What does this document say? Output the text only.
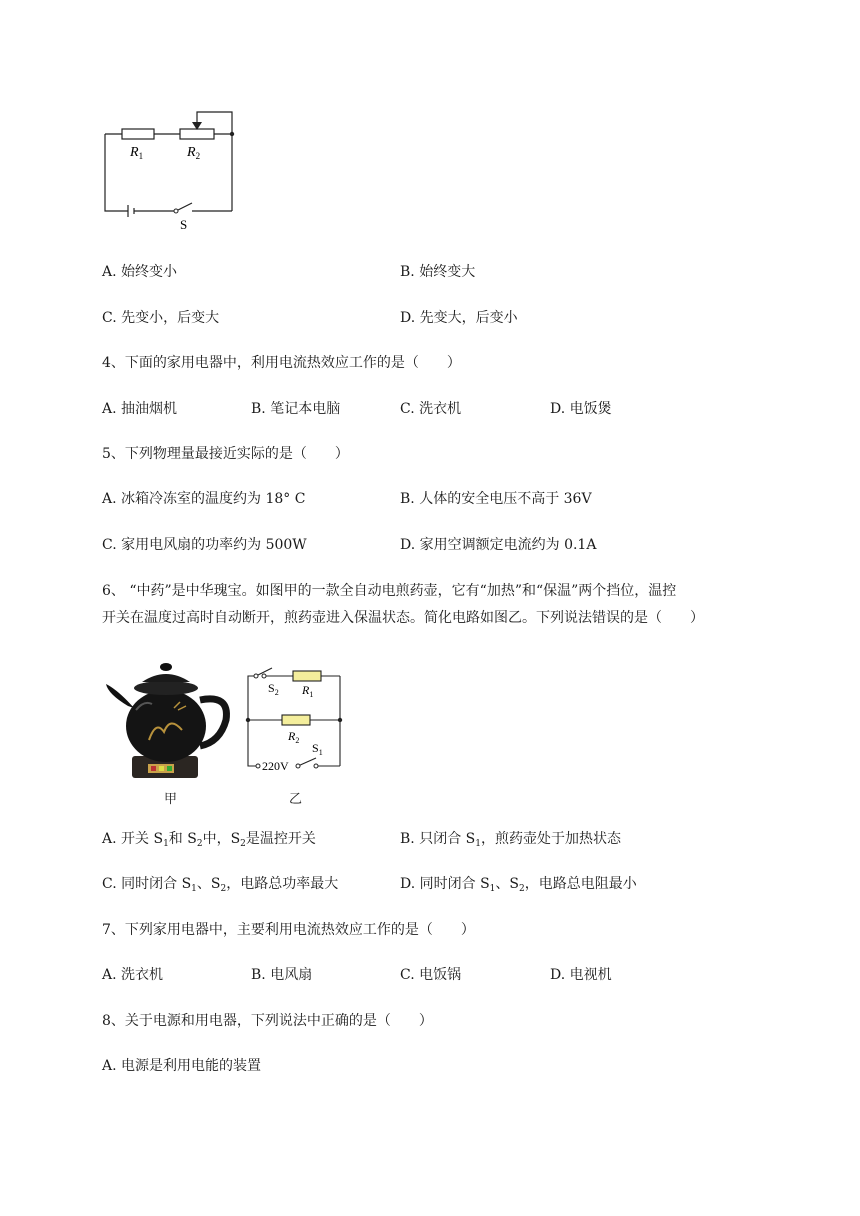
$R_1$	$R_2$
S
A. 始终变小	B. 始终变大
C. 先变小，后变大	D. 先变大，后变小
4、下面的家用电器中，利用电流热效应工作的是（　　）
A. 抽油烟机	B. 笔记本电脑	C. 洗衣机	D. 电饭煲
5、下列物理量最接近实际的是（　　）
A. 冰箱冷冻室的温度约为 18° C	B. 人体的安全电压不高于 36V
C. 家用电风扇的功率约为 500W	D. 家用空调额定电流约为 0.1A
6、 “中药”是中华瑰宝。如图甲的一款全自动电煎药壶，它有“加热”和“保温”两个挡位，温控
开关在温度过高时自动断开，煎药壶进入保温状态。简化电路如图乙。下列说法错误的是（　　）
甲
$S_2$ $R_1$
$R_2$
$S_1$
220V
乙
A. 开关 $S_1$和 $S_2$中，$S_2$是温控开关	B. 只闭合 $S_1$，煎药壶处于加热状态
C. 同时闭合 $S_1$、$S_2$，电路总功率最大	D. 同时闭合 $S_1$、$S_2$，电路总电阻最小
7、下列家用电器中，主要利用电流热效应工作的是（　　）
A. 洗衣机	B. 电风扇	C. 电饭锅	D. 电视机
8、关于电源和用电器，下列说法中正确的是（　　）
A. 电源是利用电能的装置
